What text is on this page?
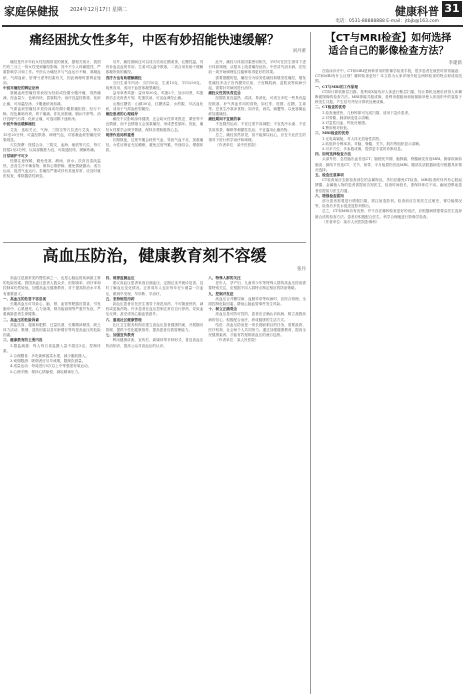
家庭保健报 2024年12月17日 星期二	健康科普 31
电话：0531-88888888 E-mail：jtbjb@163.com
痛经困扰女性多年，中医有妙招能快速缓解？
刘丹蕾

痛经是许多年轻女性经期常见的困扰，据相关统计，我国约有三分之一的女性受到痛经影响，其中不少人疼痛剧烈，严重影响学习和工作。中医认为痛经多与气血运行不畅、寒凝血瘀、气滞血瘀、肝肾亏虚等因素有关，因此调理时需辨证施治。

中医对痛经的辨证论治

寒凝血瘀型痛经常表现为经前或经期小腹冷痛，得热痛减，经血量少、色暗有块，畏寒肢冷。治疗宜温经散寒、化瘀止痛，可用温经汤、少腹逐瘀汤加减。

气滞血瘀型痛经多见经前或经期小腹胀痛拒按，经行不畅，经色紫暗有块，块下痛减，伴乳房胀痛、胸闷不舒等。治疗宜理气行滞、化瘀止痛，可选用膈下逐瘀汤。

中医外治法缓解痛经

艾灸：选取关元、气海、三阴交等穴位进行艾灸，每次15至20分钟，可温经散寒、调理气血，对寒凝血瘀型痛经效果明显。

穴位按摩：按揉合谷、三阴交、血海、地机等穴位，每穴按揉2至3分钟，以局部酸胀为宜，可疏通经络、缓解疼痛。

日常调护不可少

经期注意保暖，避免受寒、淋雨、涉水；饮食宜清淡温热，忌食生冷辛辣食物；保持心情舒畅，避免情绪激动；适当运动，促进气血运行。若痛经严重或伴有其他异常，应及时就医检查，排除器质性病变。

另外，痛经期间还可以适当饮用红糖姜茶，红糖性温，具有补血活血的作用；生姜可以温中散寒，二者合用有助于缓解寒凝所致的痛经。

食疗方也有助缓解痛经

当归生姜羊肉汤：当归10克、生姜15克、羊肉250克，炖煮食用，适用于血虚寒凝型痛经。

益母草煮鸡蛋：益母草30克、鸡蛋2个，加水同煮，鸡蛋熟后去壳再煮片刻，吃蛋饮汤，可活血调经止痛。

山楂红糖饮：山楂30克、红糖适量，水煎服，可活血化瘀，适用于气滞血瘀型痛经。

痛经患者的心理疏导

痛经不仅影响身体健康，还会给女性带来焦虑、紧张等不良情绪，而不良情绪又会加重痛经，形成恶性循环。因此，痛经女性要学会调节情绪，保持乐观积极的心态。

规律作息同样重要

长期熬夜、过度劳累会耗伤气血，导致气血不足，加重痛经。女性应保证充足睡眠，避免过度劳累，劳逸结合，增强体质。

此外，痛经与体质因素密切相关，平时可在医生指导下进行体质调理，从根本上改善痛经症状。中医讲究治未病，在经前一周开始调理往往能够取得更好的效果。

需要提醒的是，痛经分为原发性痛经和继发性痛经，继发性痛经多由子宫内膜异位症、子宫腺肌病、盆腔炎等疾病引起，需要针对病因进行治疗。

痛经女性的饮食宜忌

经期饮食宜温热、清淡、易消化，可适当多吃一些具有温经散寒、补气养血作用的食物，如红枣、桂圆、红糖、生姜等。忌食生冷寒凉食物，如冷饮、西瓜、螃蟹等，以免寒凝血瘀加重痛经。

痛经期间不宜做的事

不宜剧烈运动；不宜过度节食减肥；不宜洗冷水澡；不宜饮用浓茶、咖啡等刺激性饮品；不宜滥用止痛药物。

总之，痛经虽然常见，但不能掉以轻心，应在专业医生的指导下进行科学治疗和调理。

（作者单位：某中医医院）

高血压防治，健康教育刻不容缓
张丹

高血压是最常见的慢性病之一，也是心脑血管疾病最主要的危险因素。我国高血压患者人数众多，但知晓率、治疗率和控制率仍然较低。加强高血压健康教育，对于提高防治水平具有重要意义。

一、高血压的危害不容忽视

长期高血压可导致心、脑、肾、血管等靶器官损害，引发脑卒中、心肌梗死、心力衰竭、肾功能衰竭等严重并发症，严重威胁患者生命健康。

二、高血压的危险因素

高盐饮食、超重和肥胖、过量饮酒、长期精神紧张、缺乏体力活动、吸烟、遗传因素以及年龄增长等均是高血压的危险因素。

三、健康教育的主要内容

1.限盐减重：每人每日食盐摄入量不超过5克，控制体重。

2.合理膳食：多吃新鲜蔬菜水果，减少脂肪摄入。

3.戒烟限酒：吸烟者应尽早戒烟，限制饮酒量。

4.适量运动：每周进行5次以上中等强度有氧运动。

5.心理平衡：保持心情愉悦，减轻精神压力。

四、规律监测血压

建议高血压患者家庭自测血压，定期记录并就诊复查，及时了解血压变化情况。正常成年人也应每年至少测量一次血压，做到早发现、早诊断、早治疗。

五、坚持规范用药

高血压患者应在医生指导下规范用药，不可随意停药、减药或更换药物。许多患者在血压控制正常后自行停药，导致血压反弹，甚至诱发心脑血管意外。

六、重视社区健康管理

社区卫生服务机构应建立高血压患者健康档案，开展随访管理，提供个性化健康指导，提高患者自我管理能力。

七、加强宣传教育

利用健康讲座、宣传栏、新媒体等多种形式，普及高血压防治知识，提高公众对高血压的认识。

八、特殊人群的关注

老年人、孕产妇、儿童青少年等特殊人群的高血压防治需要特别关注，应根据不同人群特点制定相应的防治策略。

九、控制并发症

高血压合并糖尿病、血脂异常等疾病时，应综合管理，全面控制危险因素，降低心脑血管事件发生风险。

十、树立正确观念

高血压是可防可控的，患者应正确认识疾病，树立战胜疾病的信心，积极配合治疗，养成健康的生活方式。

结语：高血压防治是一项长期而艰巨的任务，需要政府、医疗机构、社会和个人共同努力。通过加强健康教育，提高全民健康素养，才能有效遏制高血压的流行趋势。

（作者单位：某人民医院）

【CT与MRI检查】如何选择
适合自己的影像检查方法？
李建新

在临床诊疗中，CT和MRI是两种常用的影像学检查手段，很多患者在就医时常常疑惑：CT和MRI有什么区别？哪种检查更好？本文将为大家详细介绍这两种检查的特点和适用范围。

一、CT与MRI的工作原理

CT即计算机断层扫描，是利用X射线对人体进行断层扫描，经计算机处理后获得人体横断面图像的检查方法。MRI即磁共振成像，是利用强磁场和射频脉冲使人体组织中的氢原子核发生共振，产生信号并经计算机处理成像。

二、CT检查的优势

1.检查速度快，几秒钟即可完成扫描，适用于急诊患者。

2.对骨骼、肺部病变显示清晰。

3.对急性出血、钙化灶敏感。

4.费用相对较低。

三、MRI检查的优势

1.无电离辐射，对人体无放射性损伤。

2.软组织分辨率高，对脑、脊髓、关节、肌肉等组织显示清晰。

3.可多方位、多参数成像，提供更丰富的诊断信息。

四、如何选择检查方法

头部外伤、急性脑出血首选CT；脑梗死早期、脑肿瘤、脊髓病变首选MRI。胸部疾病如肺炎、肺结节首选CT；关节、韧带、半月板损伤首选MRI。腹部实质脏器病变可根据具体情况选择。

五、检查注意事项

CT检查前应去除检查部位的金属物品，孕妇应避免CT检查。MRI检查时体内有心脏起搏器、金属植入物的患者需提前告知医生，检查时间较长，需保持体位不动。幽闭恐惧症患者应提前与医生沟通。

六、增强检查需知

部分患者需要进行增强扫描，需注射造影剂。检查前应告知医生过敏史、肾功能情况等，检查后多饮水促进造影剂排出。

总之，CT和MRI各有优势，并不存在哪种检查更好的说法，应根据病情需要由医生选择最合适的检查方法。患者应积极配合医生，科学合理地进行影像学检查。

（作者单位：某市人民医院影像科）
